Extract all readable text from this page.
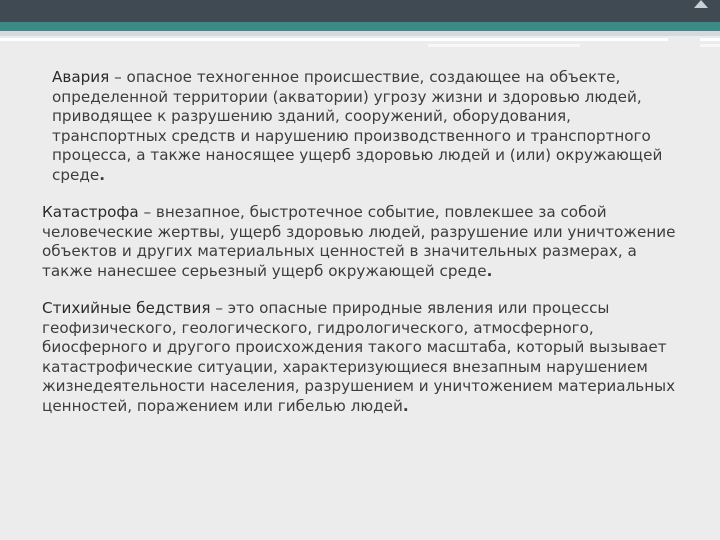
Авария – опасное техногенное происшествие, создающее на объекте, определенной территории (акватории) угрозу жизни и здоровью людей, приводящее к разрушению зданий, сооружений, оборудования, транспортных средств и нарушению производственного и транспортного процесса, а также наносящее ущерб здоровью людей и (или) окружающей среде.

Катастрофа – внезапное, быстротечное событие, повлекшее за собой человеческие жертвы, ущерб здоровью людей, разрушение или уничтожение объектов и других материальных ценностей в значительных размерах, а также нанесшее серьезный ущерб окружающей среде.

Стихийные бедствия – это опасные природные явления или процессы геофизического, геологического, гидрологического, атмосферного, биосферного и другого происхождения такого масштаба, который вызывает катастрофические ситуации, характеризующиеся внезапным нарушением жизнедеятельности населения, разрушением и уничтожением материальных ценностей, поражением или гибелью людей.
